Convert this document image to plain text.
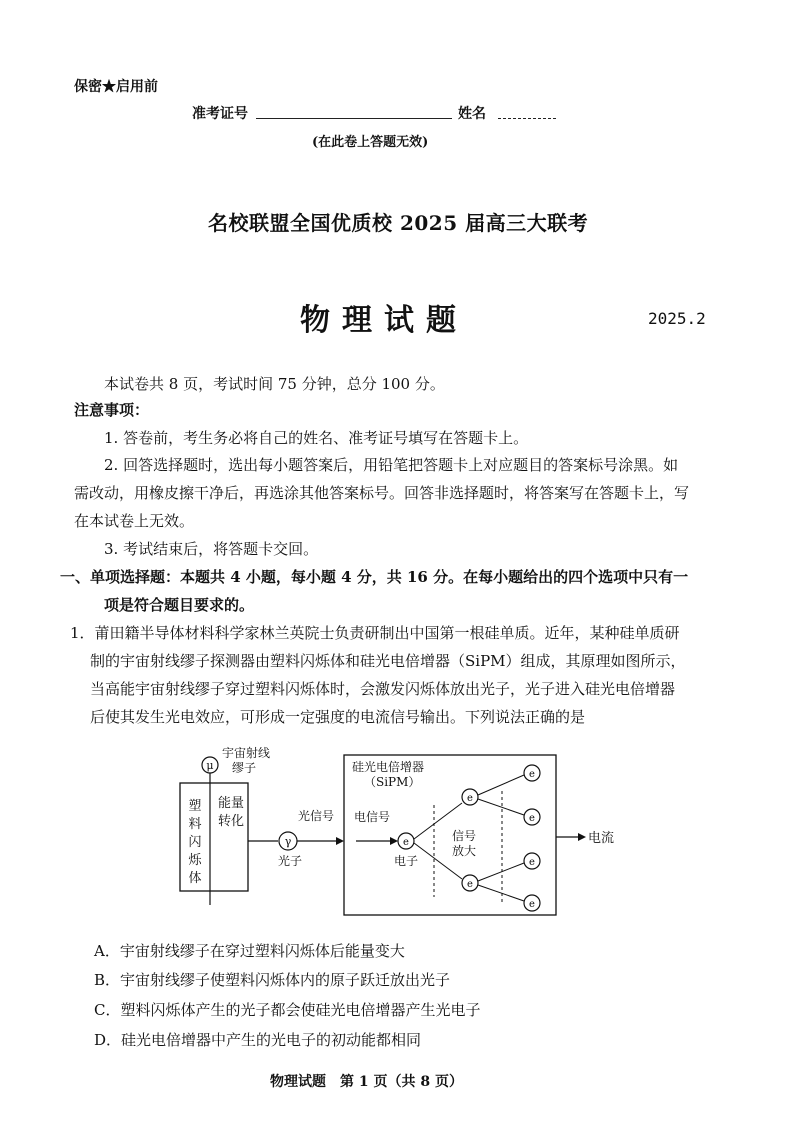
保密★启用前
准考证号	姓名
(在此卷上答题无效)
名校联盟全国优质校 2025 届高三大联考
物理试题	2025.2
本试卷共 8 页，考试时间 75 分钟，总分 100 分。
注意事项：
1. 答卷前，考生务必将自己的姓名、准考证号填写在答题卡上。
2. 回答选择题时，选出每小题答案后，用铅笔把答题卡上对应题目的答案标号涂黑。如
需改动，用橡皮擦干净后，再选涂其他答案标号。回答非选择题时，将答案写在答题卡上，写
在本试卷上无效。
3. 考试结束后，将答题卡交回。
一、单项选择题：本题共 4 小题，每小题 4 分，共 16 分。在每小题给出的四个选项中只有一
项是符合题目要求的。
1．莆田籍半导体材料科学家林兰英院士负责研制出中国第一根硅单质。近年，某种硅单质研
制的宇宙射线缪子探测器由塑料闪烁体和硅光电倍增器（SiPM）组成，其原理如图所示，
当高能宇宙射线缪子穿过塑料闪烁体时，会激发闪烁体放出光子，光子进入硅光电倍增器
后使其发生光电效应，可形成一定强度的电流信号输出。下列说法正确的是
μ
宇宙射线
缪子
塑
料
闪
烁
体
能量
转化
γ
光子
光信号
硅光电倍增器
（SiPM）
电信号
e
电子
信号
放大
e
e
e
e
e
e
电流
A．宇宙射线缪子在穿过塑料闪烁体后能量变大
B．宇宙射线缪子使塑料闪烁体内的原子跃迁放出光子
C．塑料闪烁体产生的光子都会使硅光电倍增器产生光电子
D．硅光电倍增器中产生的光电子的初动能都相同
物理试题　第 1 页（共 8 页）
